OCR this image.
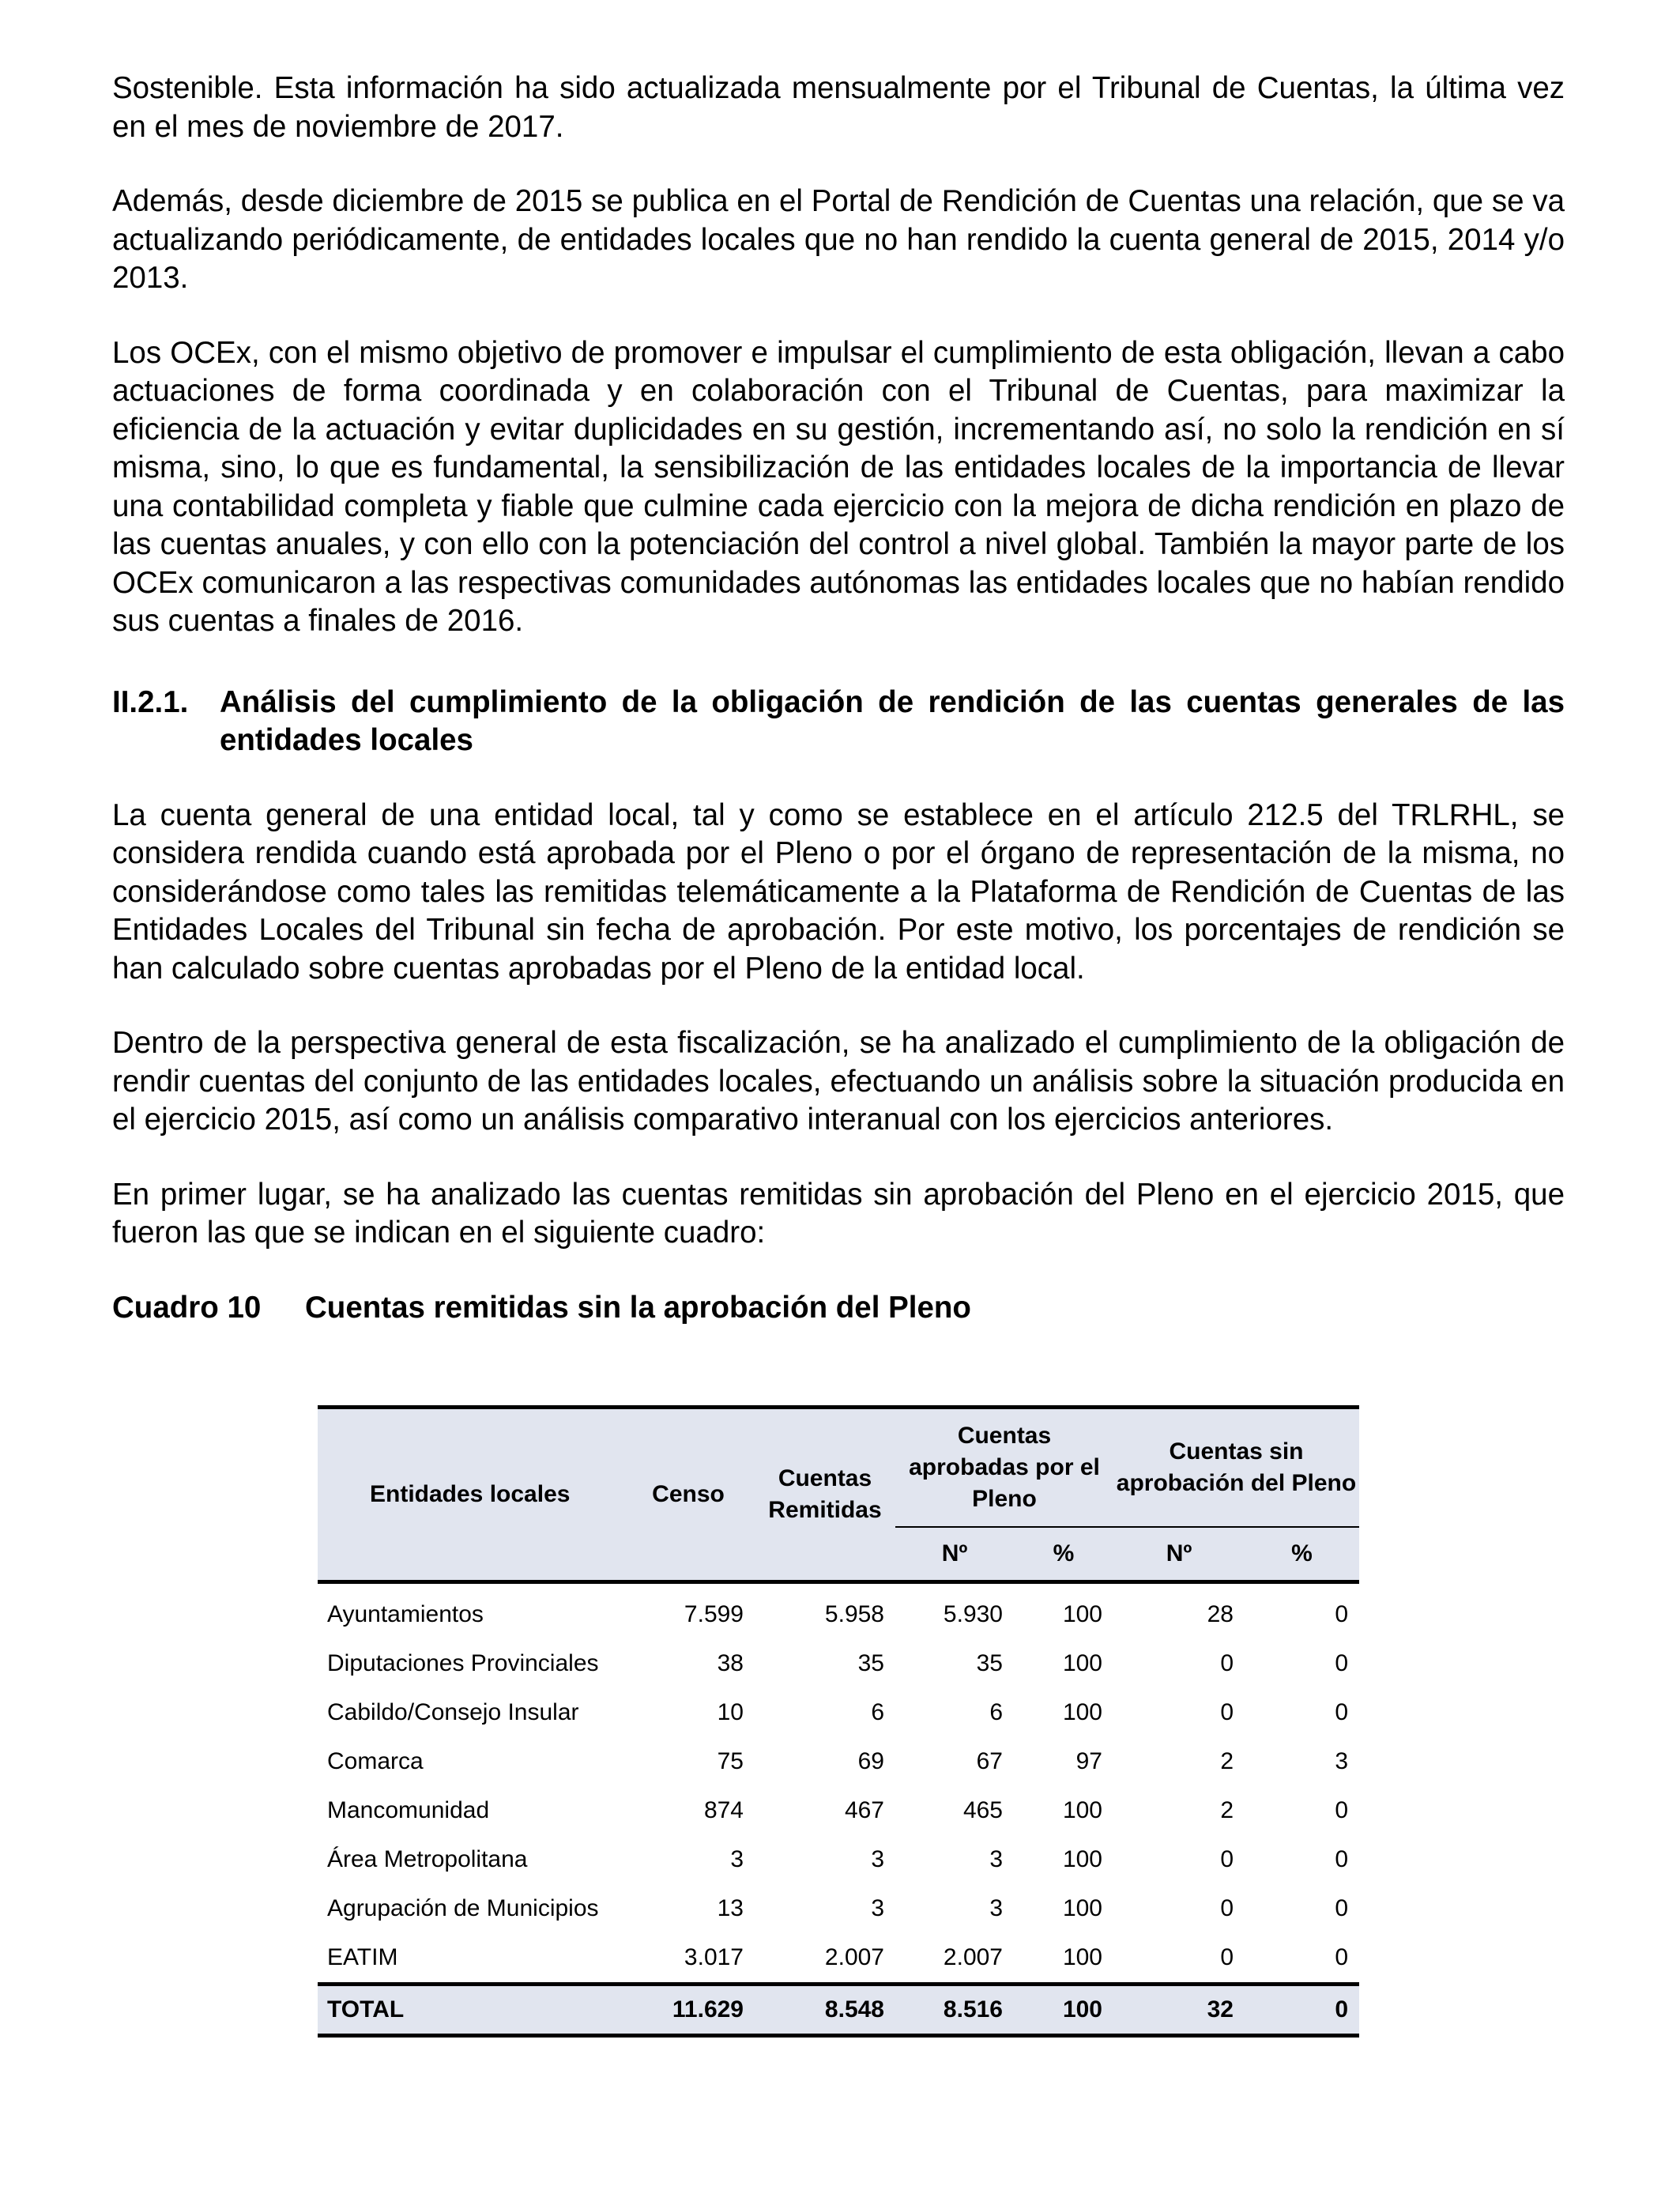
Sostenible. Esta información ha sido actualizada mensualmente por el Tribunal de Cuentas, la última vez en el mes de noviembre de 2017.

Además, desde diciembre de 2015 se publica en el Portal de Rendición de Cuentas una relación, que se va actualizando periódicamente, de entidades locales que no han rendido la cuenta general de 2015, 2014 y/o 2013.

Los OCEx, con el mismo objetivo de promover e impulsar el cumplimiento de esta obligación, llevan a cabo actuaciones de forma coordinada y en colaboración con el Tribunal de Cuentas, para maximizar la eficiencia de la actuación y evitar duplicidades en su gestión, incrementando así, no solo la rendición en sí misma, sino, lo que es fundamental, la sensibilización de las entidades locales de la importancia de llevar una contabilidad completa y fiable que culmine cada ejercicio con la mejora de dicha rendición en plazo de las cuentas anuales, y con ello con la potenciación del control a nivel global. También la mayor parte de los OCEx comunicaron a las respectivas comunidades autónomas las entidades locales que no habían rendido sus cuentas a finales de 2016.

II.2.1.	Análisis del cumplimiento de la obligación de rendición de las cuentas generales de las entidades locales

La cuenta general de una entidad local, tal y como se establece en el artículo 212.5 del TRLRHL, se considera rendida cuando está aprobada por el Pleno o por el órgano de representación de la misma, no considerándose como tales las remitidas telemáticamente a la Plataforma de Rendición de Cuentas de las Entidades Locales del Tribunal sin fecha de aprobación. Por este motivo, los porcentajes de rendición se han calculado sobre cuentas aprobadas por el Pleno de la entidad local.

Dentro de la perspectiva general de esta fiscalización, se ha analizado el cumplimiento de la obligación de rendir cuentas del conjunto de las entidades locales, efectuando un análisis sobre la situación producida en el ejercicio 2015, así como un análisis comparativo interanual con los ejercicios anteriores.

En primer lugar, se ha analizado las cuentas remitidas sin aprobación del Pleno en el ejercicio 2015, que fueron las que se indican en el siguiente cuadro:

Cuadro 10	Cuentas remitidas sin la aprobación del Pleno
Entidades locales	Censo	Cuentas Remitidas	Cuentas aprobadas por el Pleno		Cuentas sin aprobación del Pleno	
			Nº	%	Nº	%
Ayuntamientos	7.599	5.958	5.930	100	28	0
Diputaciones Provinciales	38	35	35	100	0	0
Cabildo/Consejo Insular	10	6	6	100	0	0
Comarca	75	69	67	97	2	3
Mancomunidad	874	467	465	100	2	0
Área Metropolitana	3	3	3	100	0	0
Agrupación de Municipios	13	3	3	100	0	0
EATIM	3.017	2.007	2.007	100	0	0
TOTAL	11.629	8.548	8.516	100	32	0
